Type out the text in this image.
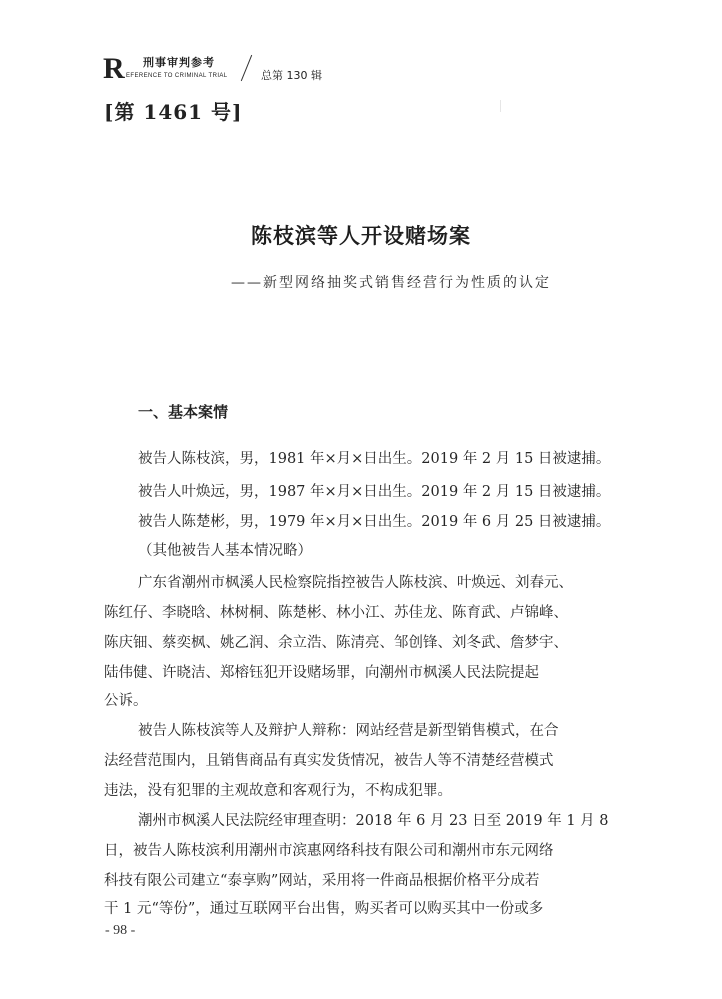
R 刑事审判参考
EFERENCE TO CRIMINAL TRIAL	总第 130 辑
[第 1461 号]
陈枝滨等人开设赌场案
——新型网络抽奖式销售经营行为性质的认定
一、基本案情
被告人陈枝滨，男，1981 年×月×日出生。2019 年 2 月 15 日被逮捕。
被告人叶焕远，男，1987 年×月×日出生。2019 年 2 月 15 日被逮捕。
被告人陈楚彬，男，1979 年×月×日出生。2019 年 6 月 25 日被逮捕。
（其他被告人基本情况略）
广东省潮州市枫溪人民检察院指控被告人陈枝滨、叶焕远、刘春元、
陈红仔、李晓晗、林树桐、陈楚彬、林小江、苏佳龙、陈育武、卢锦峰、
陈庆钿、蔡奕枫、姚乙润、余立浩、陈清亮、邹创锋、刘冬武、詹梦宇、
陆伟健、许晓洁、郑榕钰犯开设赌场罪，向潮州市枫溪人民法院提起
公诉。
被告人陈枝滨等人及辩护人辩称：网站经营是新型销售模式，在合
法经营范围内，且销售商品有真实发货情况，被告人等不清楚经营模式
违法，没有犯罪的主观故意和客观行为，不构成犯罪。
潮州市枫溪人民法院经审理查明：2018 年 6 月 23 日至 2019 年 1 月 8
日，被告人陈枝滨利用潮州市滨惠网络科技有限公司和潮州市东元网络
科技有限公司建立“泰享购”网站，采用将一件商品根据价格平分成若
干 1 元“等份”，通过互联网平台出售，购买者可以购买其中一份或多
- 98 -
